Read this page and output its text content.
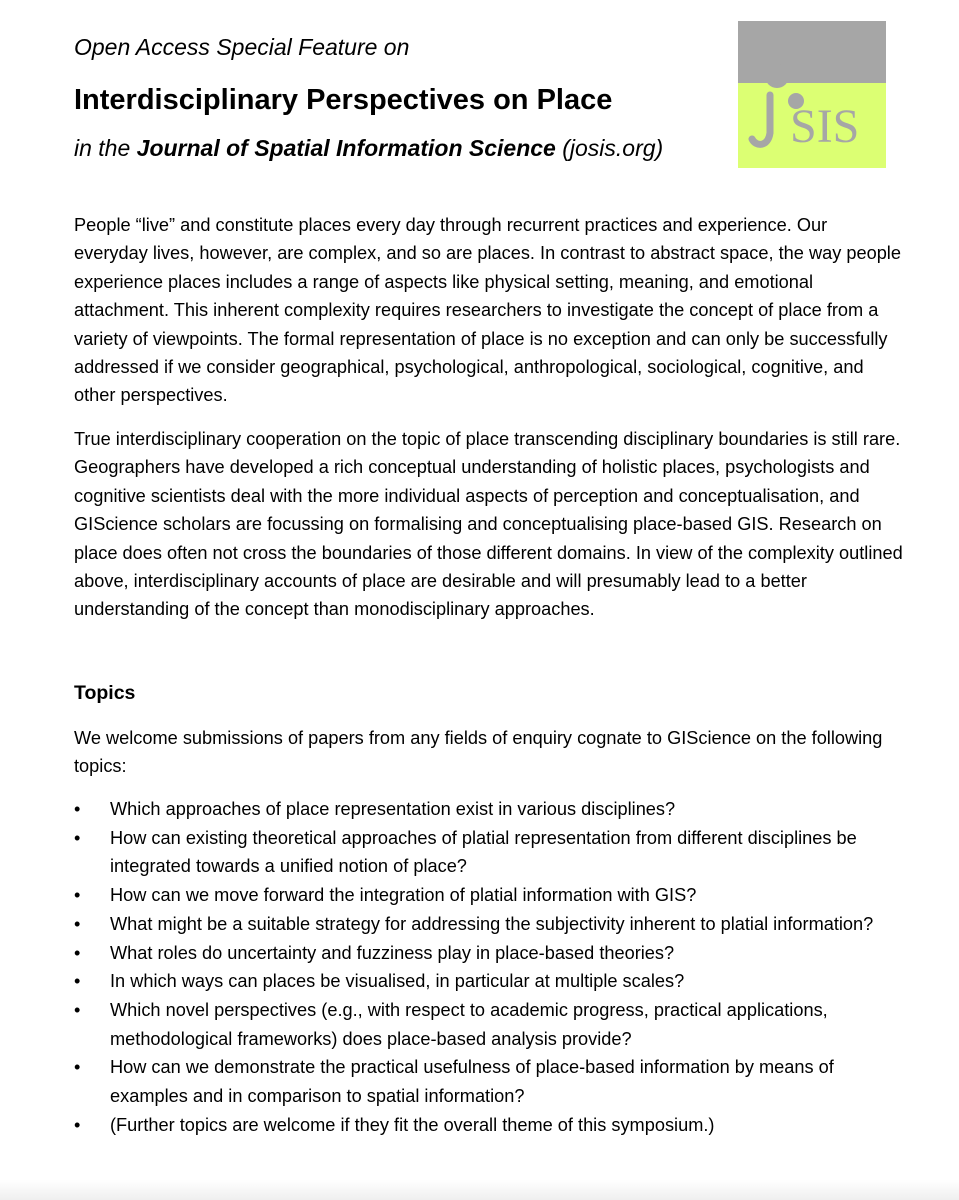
Open Access Special Feature on
Interdisciplinary Perspectives on Place
in the Journal of Spatial Information Science (josis.org)	SIS
People “live” and constitute places every day through recurrent practices and experience. Our everyday lives, however, are complex, and so are places. In contrast to abstract space, the way people experience places includes a range of aspects like physical setting, meaning, and emotional attachment. This inherent complexity requires researchers to investigate the concept of place from a variety of viewpoints. The formal representation of place is no exception and can only be successfully addressed if we consider geographical, psychological, anthropological, sociological, cognitive, and other perspectives.
True interdisciplinary cooperation on the topic of place transcending disciplinary boundaries is still rare. Geographers have developed a rich conceptual understanding of holistic places, psychologists and cognitive scientists deal with the more individual aspects of perception and conceptualisation, and GIScience scholars are focussing on formalising and conceptualising place-based GIS. Research on place does often not cross the boundaries of those different domains. In view of the complexity outlined above, interdisciplinary accounts of place are desirable and will presumably lead to a better understanding of the concept than monodisciplinary approaches.
Topics
We welcome submissions of papers from any fields of enquiry cognate to GIScience on the following topics:
• Which approaches of place representation exist in various disciplines?
• How can existing theoretical approaches of platial representation from different disciplines be integrated towards a unified notion of place?
• How can we move forward the integration of platial information with GIS?
• What might be a suitable strategy for addressing the subjectivity inherent to platial information?
• What roles do uncertainty and fuzziness play in place-based theories?
• In which ways can places be visualised, in particular at multiple scales?
• Which novel perspectives (e.g., with respect to academic progress, practical applications, methodological frameworks) does place-based analysis provide?
• How can we demonstrate the practical usefulness of place-based information by means of examples and in comparison to spatial information?
• (Further topics are welcome if they fit the overall theme of this symposium.)
